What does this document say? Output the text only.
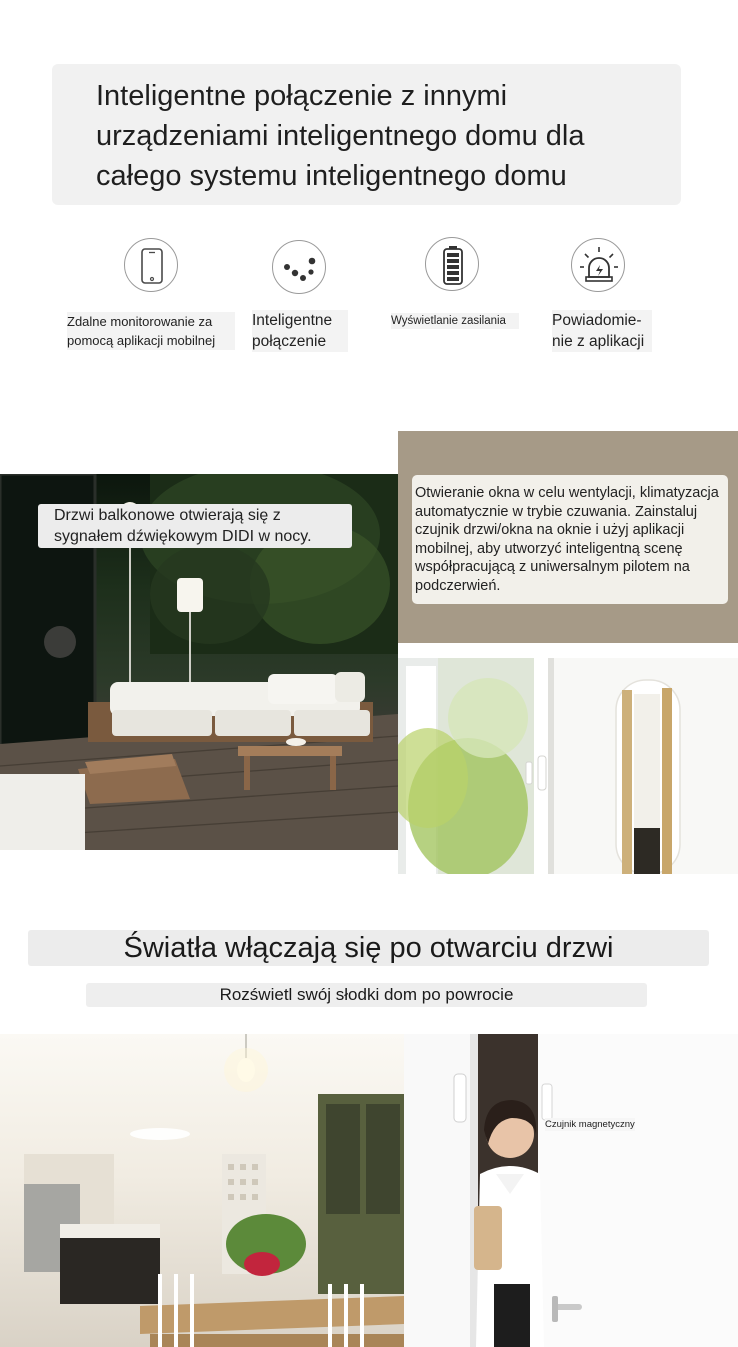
Inteligentne połączenie z innymi urządzeniami inteligentnego domu dla całego systemu inteligentnego domu
Zdalne monitorowanie za pomocą aplikacji mobilnej
Inteligentne połączenie
Wyświetlanie zasilania	Powiadomie-nie z aplikacji
Drzwi balkonowe otwierają się z sygnałem dźwiękowym DIDI w nocy.
Otwieranie okna w celu wentylacji, klimatyzacja automatycznie w trybie czuwania. Zainstaluj czujnik drzwi/okna na oknie i użyj aplikacji mobilnej, aby utworzyć inteligentną scenę współpracującą z uniwersalnym pilotem na podczerwień.
Światła włączają się po otwarciu drzwi
Rozświetl swój słodki dom po powrocie
Czujnik magnetyczny
